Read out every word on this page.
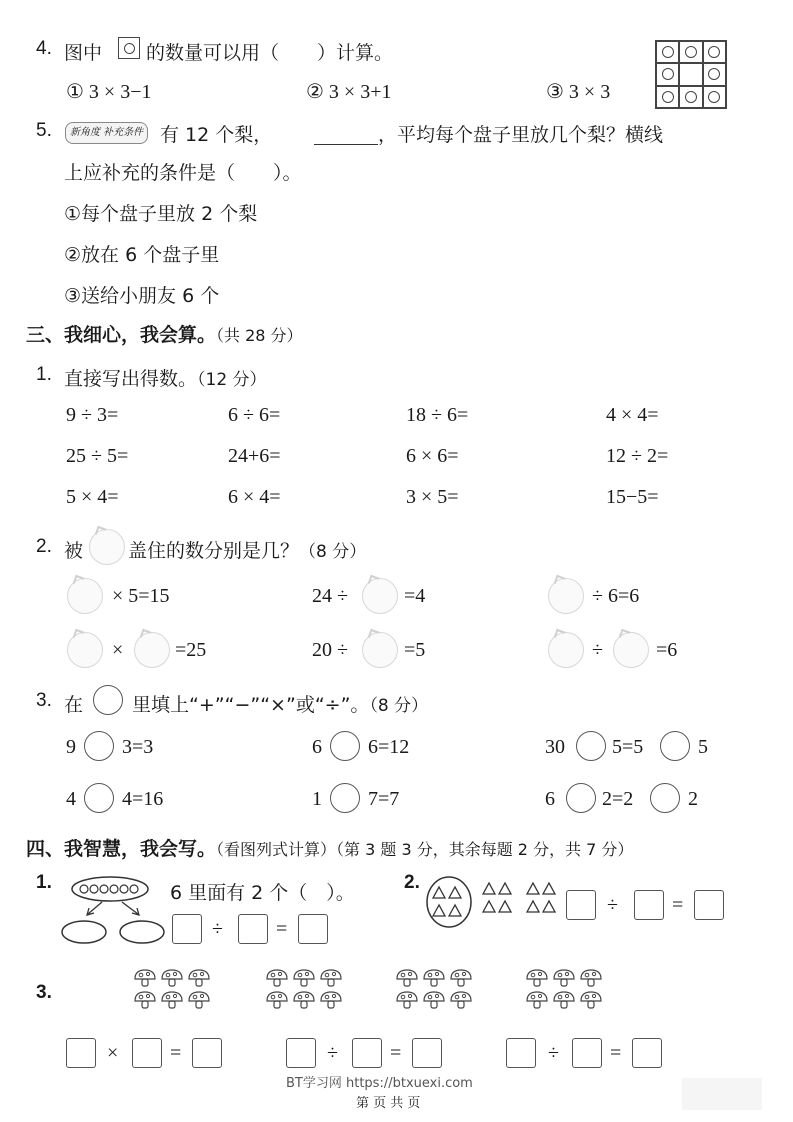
4. 图中 的数量可以用（　　）计算。
① 3 × 3−1	② 3 × 3+1	③ 3 × 3
5.	新角度 补充条件 有 12 个梨，	，平均每个盘子里放几个梨？横线
上应补充的条件是（　　）。
①每个盘子里放 2 个梨
②放在 6 个盘子里
③送给小朋友 6 个
三、我细心，我会算。（共 28 分）
1. 直接写出得数。（12 分）
9 ÷ 3=	6 ÷ 6=	18 ÷ 6=	4 × 4=
25 ÷ 5=	24+6=	6 × 6=	12 ÷ 2=
5 × 4=	6 × 4=	3 × 5=	15−5=
2. 被 盖住的数分别是几？（8 分）
× 5=15	24 ÷	=4	÷ 6=6
×	=25	20 ÷	=5	÷	=6
3. 在	里填上“+”“−”“×”或“÷”。（8 分）
9 3=3	6 6=12	30 5=5	5
4 4=16	1 7=7	6 2=2	2
四、我智慧，我会写。（看图列式计算）（第 3 题 3 分，其余每题 2 分，共 7 分）
1.	6 里面有 2 个（　）。
÷	=
2.
÷	=
3.
×	=	÷	=	÷	=
BT学习网 https://btxuexi.com
第 页 共 页
